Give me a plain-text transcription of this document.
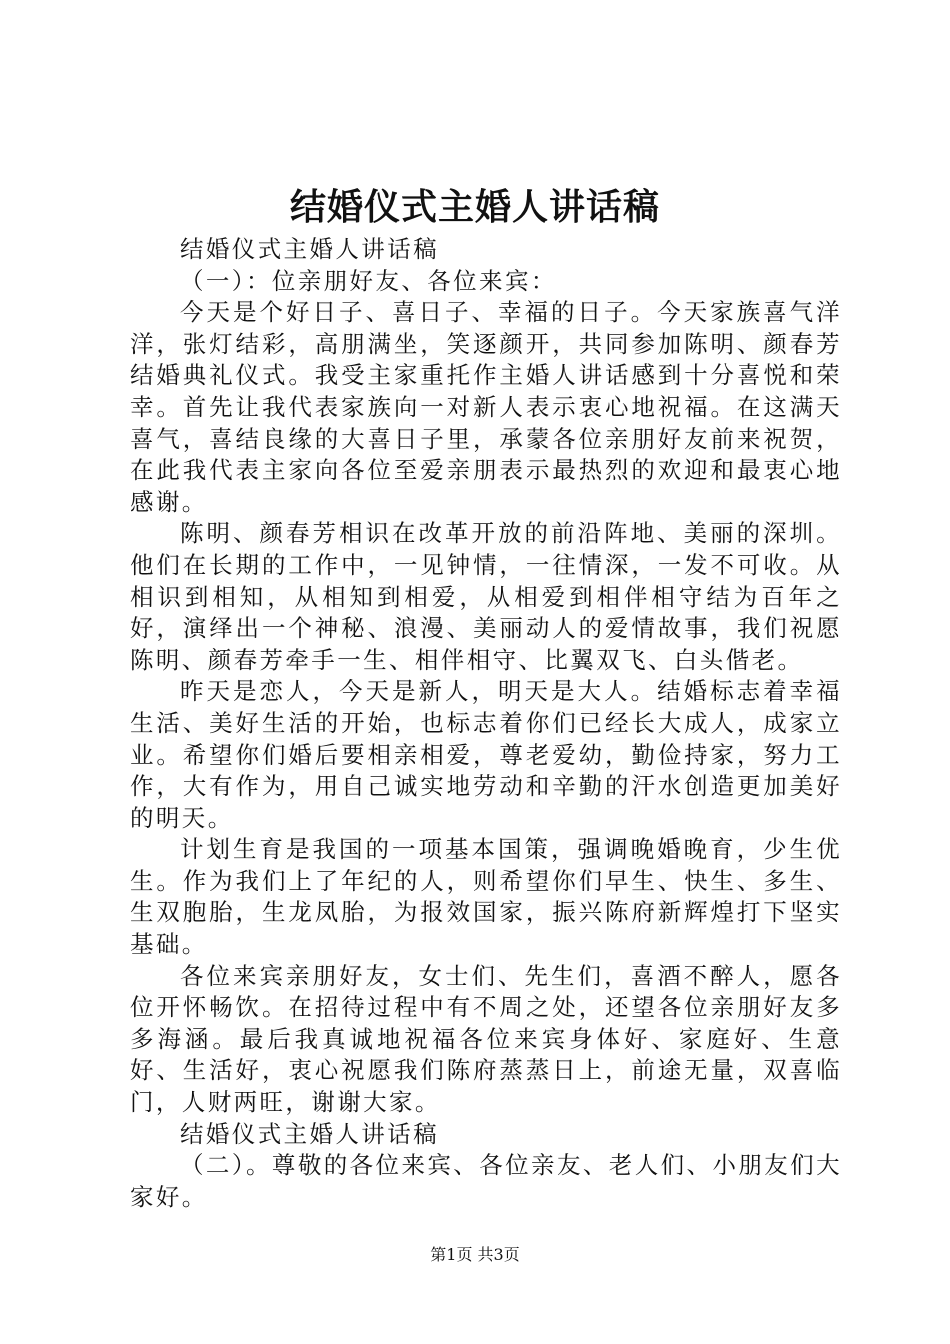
结婚仪式主婚人讲话稿

结婚仪式主婚人讲话稿

（一）：位亲朋好友、各位来宾：

今天是个好日子、喜日子、幸福的日子。今天家族喜气洋洋，张灯结彩，高朋满坐，笑逐颜开，共同参加陈明、颜春芳结婚典礼仪式。我受主家重托作主婚人讲话感到十分喜悦和荣幸。首先让我代表家族向一对新人表示衷心地祝福。在这满天喜气，喜结良缘的大喜日子里，承蒙各位亲朋好友前来祝贺，在此我代表主家向各位至爱亲朋表示最热烈的欢迎和最衷心地感谢。

陈明、颜春芳相识在改革开放的前沿阵地、美丽的深圳。他们在长期的工作中，一见钟情，一往情深，一发不可收。从相识到相知，从相知到相爱，从相爱到相伴相守结为百年之好，演绎出一个神秘、浪漫、美丽动人的爱情故事，我们祝愿陈明、颜春芳牵手一生、相伴相守、比翼双飞、白头偕老。

昨天是恋人，今天是新人，明天是大人。结婚标志着幸福生活、美好生活的开始，也标志着你们已经长大成人，成家立业。希望你们婚后要相亲相爱，尊老爱幼，勤俭持家，努力工作，大有作为，用自己诚实地劳动和辛勤的汗水创造更加美好的明天。

计划生育是我国的一项基本国策，强调晚婚晚育，少生优生。作为我们上了年纪的人，则希望你们早生、快生、多生、生双胞胎，生龙凤胎，为报效国家，振兴陈府新辉煌打下坚实基础。

各位来宾亲朋好友，女士们、先生们，喜酒不醉人，愿各位开怀畅饮。在招待过程中有不周之处，还望各位亲朋好友多多海涵。最后我真诚地祝福各位来宾身体好、家庭好、生意好、生活好，衷心祝愿我们陈府蒸蒸日上，前途无量，双喜临门，人财两旺，谢谢大家。

结婚仪式主婚人讲话稿

（二）。尊敬的各位来宾、各位亲友、老人们、小朋友们大家好。

第1页 共3页
